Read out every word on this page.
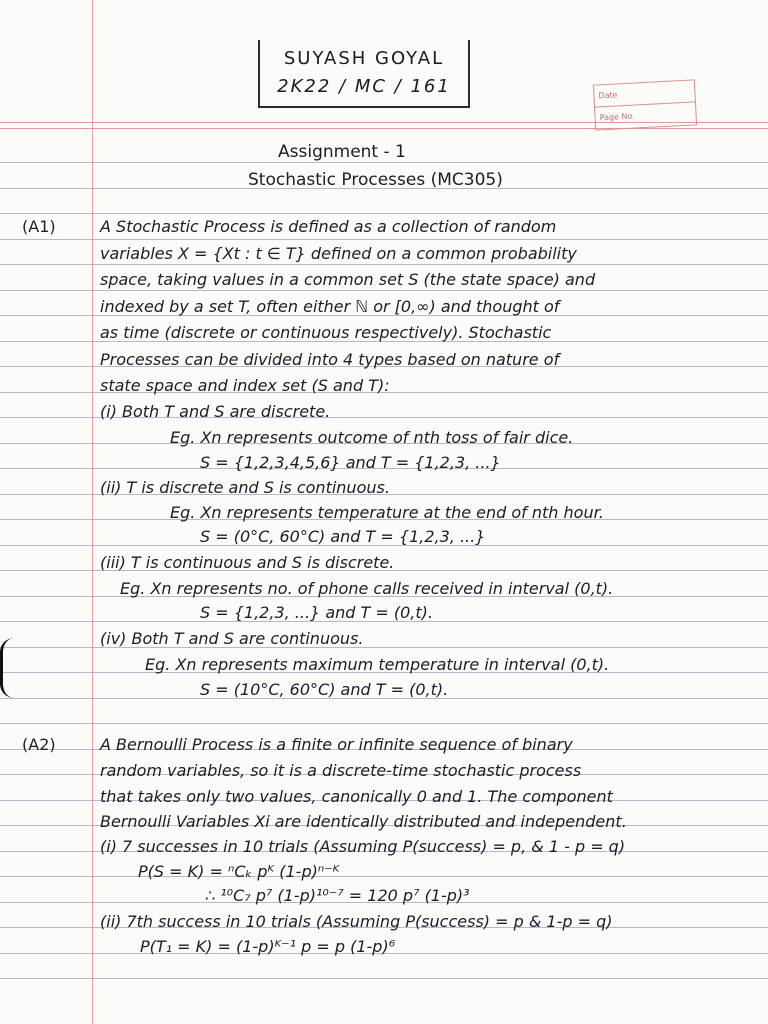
SUYASH GOYAL
2K22 / MC / 161	Date
Page No.
Assignment - 1
Stochastic Processes (MC305)
(A1)	A Stochastic Process is defined as a collection of random
variables X = {Xt : t ∈ T} defined on a common probability
space, taking values in a common set S (the state space) and
indexed by a set T, often either ℕ or [0,∞) and thought of
as time (discrete or continuous respectively). Stochastic
Processes can be divided into 4 types based on nature of
state space and index set (S and T):
(i) Both T and S are discrete.
Eg. Xn represents outcome of nth toss of fair dice.
S = {1,2,3,4,5,6} and T = {1,2,3, ...}
(ii) T is discrete and S is continuous.
Eg. Xn represents temperature at the end of nth hour.
S = (0°C, 60°C) and T = {1,2,3, ...}
(iii) T is continuous and S is discrete.
Eg. Xn represents no. of phone calls received in interval (0,t).
S = {1,2,3, ...} and T = (0,t).
(iv) Both T and S are continuous.
Eg. Xn represents maximum temperature in interval (0,t).
S = (10°C, 60°C) and T = (0,t).
(A2)	A Bernoulli Process is a finite or infinite sequence of binary
random variables, so it is a discrete-time stochastic process
that takes only two values, canonically 0 and 1. The component
Bernoulli Variables Xi are identically distributed and independent.
(i) 7 successes in 10 trials (Assuming P(success) = p, & 1 - p = q)
P(S = K) = ⁿCₖ pᴷ (1-p)ⁿ⁻ᴷ
∴ ¹⁰C₇ p⁷ (1-p)¹⁰⁻⁷ = 120 p⁷ (1-p)³
(ii) 7th success in 10 trials (Assuming P(success) = p & 1-p = q)
P(T₁ = K) = (1-p)ᴷ⁻¹ p = p (1-p)⁶
